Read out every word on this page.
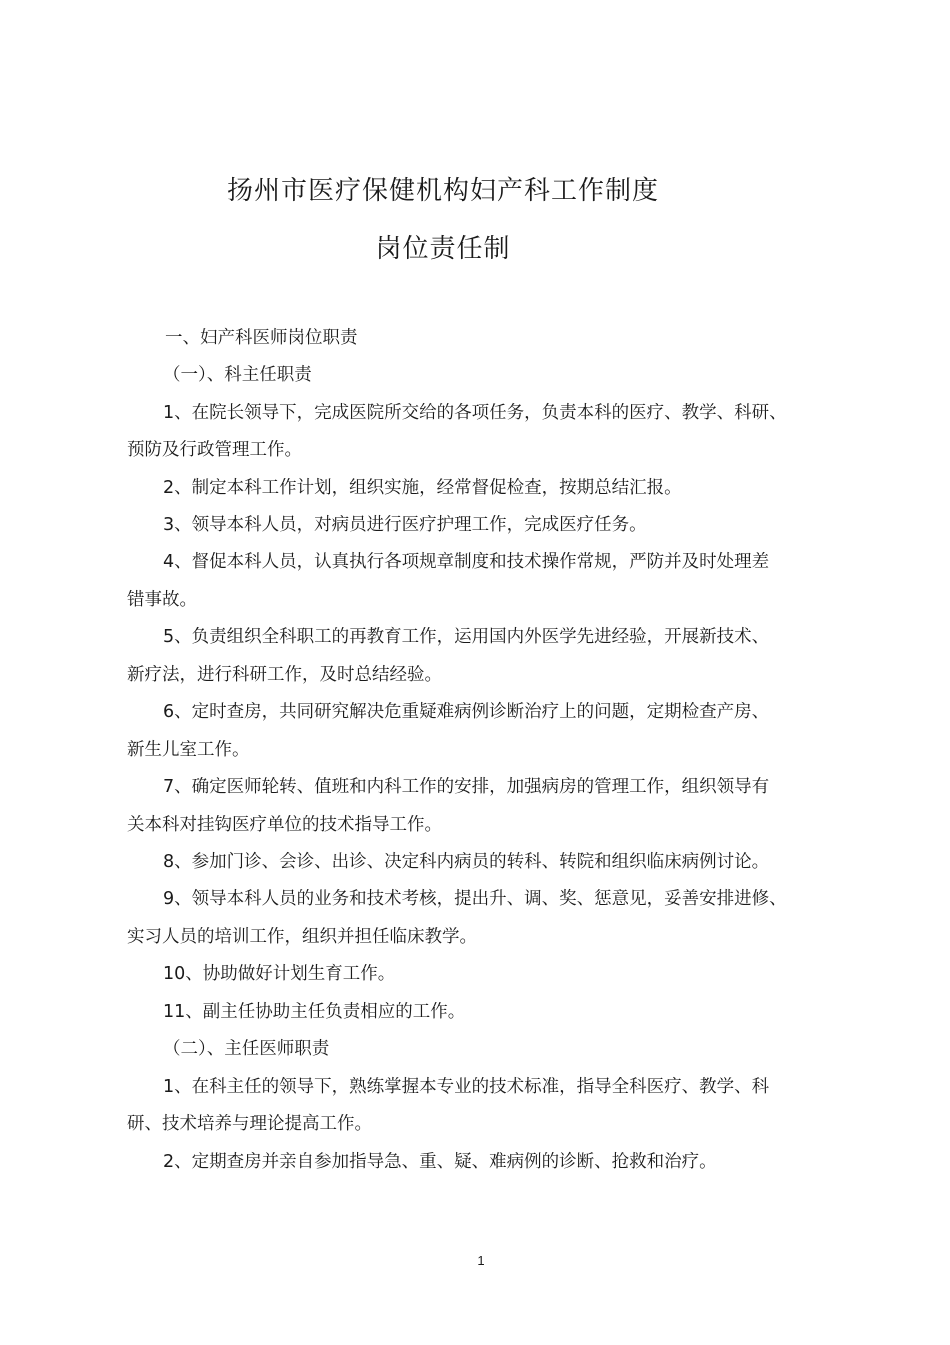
扬州市医疗保健机构妇产科工作制度
岗位责任制
一、妇产科医师岗位职责
（一）、科主任职责
1、在院长领导下，完成医院所交给的各项任务，负责本科的医疗、教学、科研、
预防及行政管理工作。
2、制定本科工作计划，组织实施，经常督促检查，按期总结汇报。
3、领导本科人员，对病员进行医疗护理工作，完成医疗任务。
4、督促本科人员，认真执行各项规章制度和技术操作常规，严防并及时处理差
错事故。
5、负责组织全科职工的再教育工作，运用国内外医学先进经验，开展新技术、
新疗法，进行科研工作，及时总结经验。
6、定时查房，共同研究解决危重疑难病例诊断治疗上的问题，定期检查产房、
新生儿室工作。
7、确定医师轮转、值班和内科工作的安排，加强病房的管理工作，组织领导有
关本科对挂钩医疗单位的技术指导工作。
8、参加门诊、会诊、出诊、决定科内病员的转科、转院和组织临床病例讨论。
9、领导本科人员的业务和技术考核，提出升、调、奖、惩意见，妥善安排进修、
实习人员的培训工作，组织并担任临床教学。
10、协助做好计划生育工作。
11、副主任协助主任负责相应的工作。
（二）、主任医师职责
1、在科主任的领导下，熟练掌握本专业的技术标准，指导全科医疗、教学、科
研、技术培养与理论提高工作。
2、定期查房并亲自参加指导急、重、疑、难病例的诊断、抢救和治疗。
1
